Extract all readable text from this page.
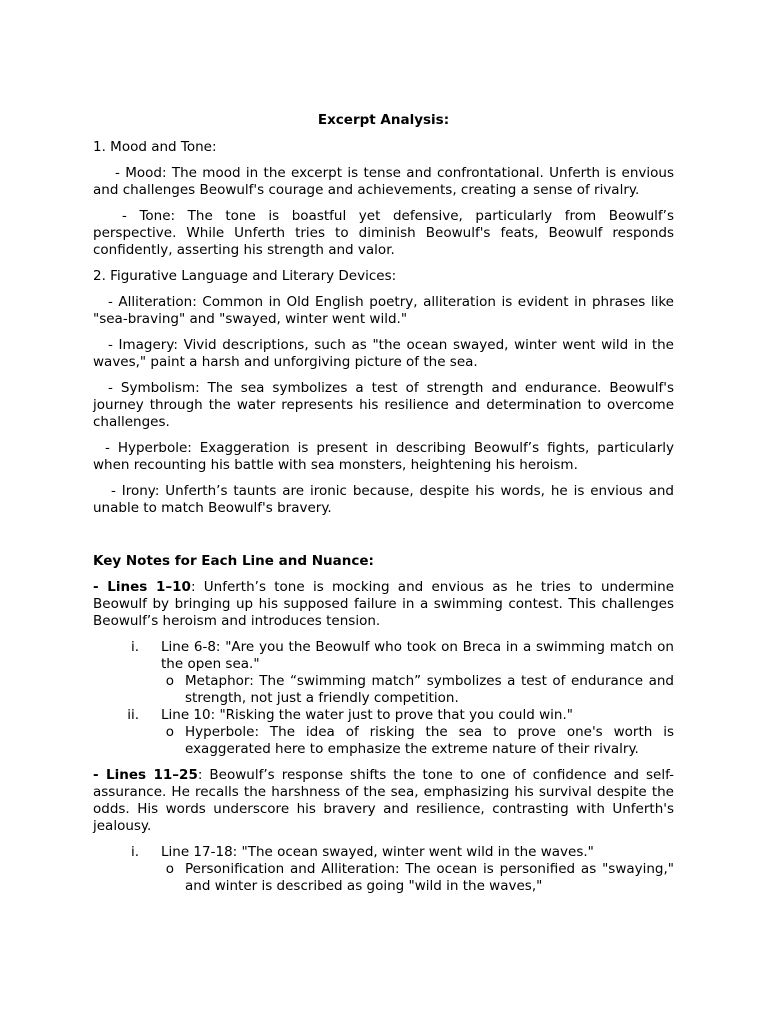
Excerpt Analysis:
1. Mood and Tone:
- Mood: The mood in the excerpt is tense and confrontational. Unferth is envious and challenges Beowulf's courage and achievements, creating a sense of rivalry.
- Tone: The tone is boastful yet defensive, particularly from Beowulf’s perspective. While Unferth tries to diminish Beowulf's feats, Beowulf responds confidently, asserting his strength and valor.
2. Figurative Language and Literary Devices:
- Alliteration: Common in Old English poetry, alliteration is evident in phrases like "sea-braving" and "swayed, winter went wild."
- Imagery: Vivid descriptions, such as "the ocean swayed, winter went wild in the waves," paint a harsh and unforgiving picture of the sea.
- Symbolism: The sea symbolizes a test of strength and endurance. Beowulf's journey through the water represents his resilience and determination to overcome challenges.
- Hyperbole: Exaggeration is present in describing Beowulf’s fights, particularly when recounting his battle with sea monsters, heightening his heroism.
- Irony: Unferth’s taunts are ironic because, despite his words, he is envious and unable to match Beowulf's bravery.
Key Notes for Each Line and Nuance:
- Lines 1–10: Unferth’s tone is mocking and envious as he tries to undermine Beowulf by bringing up his supposed failure in a swimming contest. This challenges Beowulf’s heroism and introduces tension.
i.	Line 6-8: "Are you the Beowulf who took on Breca in a swimming match on the open sea."
o Metaphor: The “swimming match” symbolizes a test of endurance and strength, not just a friendly competition.
ii.	Line 10: "Risking the water just to prove that you could win."
o Hyperbole: The idea of risking the sea to prove one's worth is exaggerated here to emphasize the extreme nature of their rivalry.
- Lines 11–25: Beowulf’s response shifts the tone to one of confidence and self-assurance. He recalls the harshness of the sea, emphasizing his survival despite the odds. His words underscore his bravery and resilience, contrasting with Unferth's jealousy.
i.	Line 17-18: "The ocean swayed, winter went wild in the waves."
o Personification and Alliteration: The ocean is personified as "swaying," and winter is described as going "wild in the waves,"
